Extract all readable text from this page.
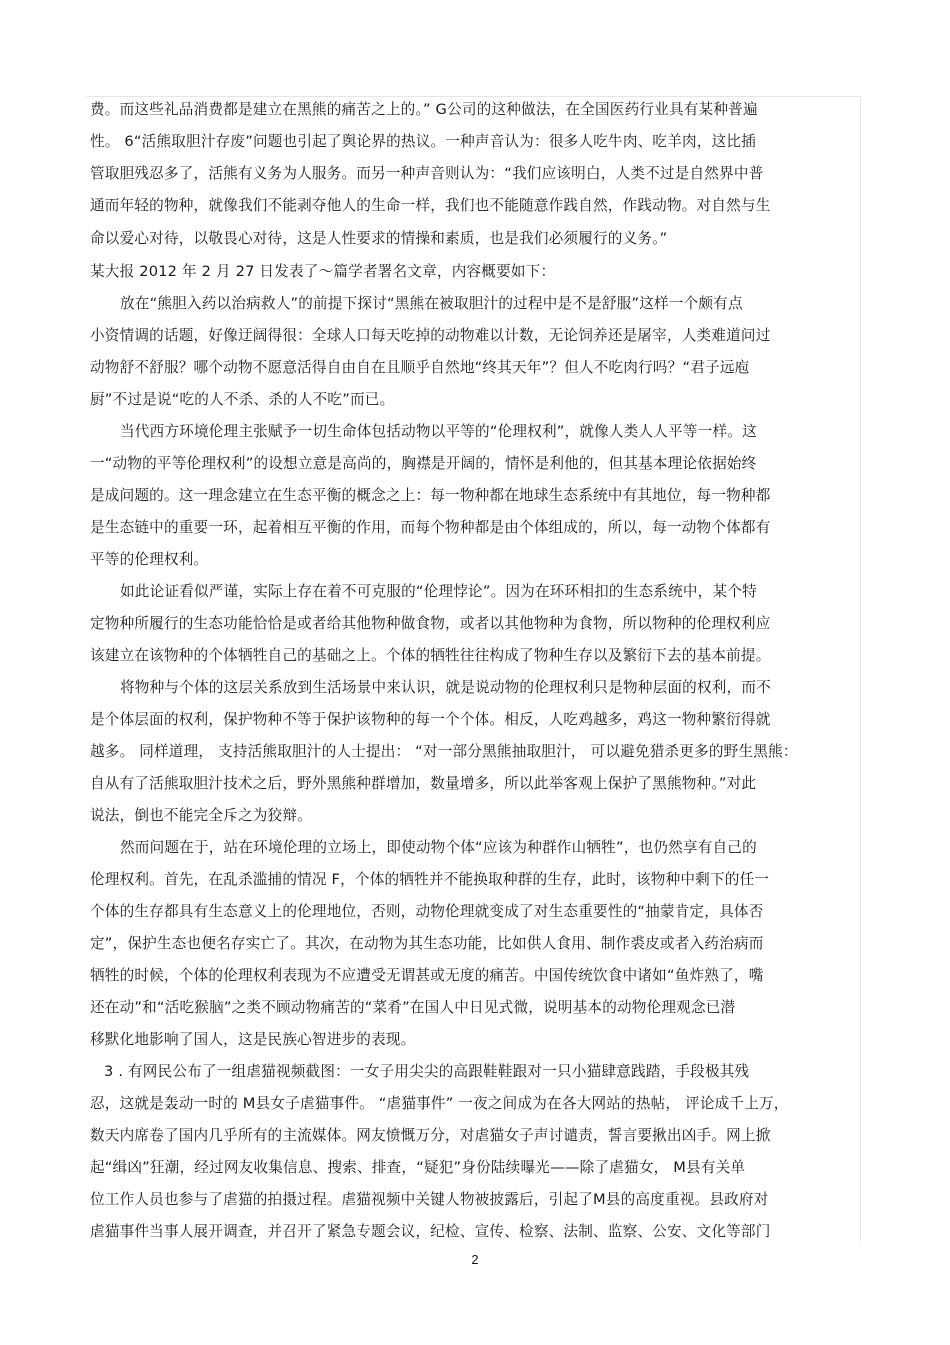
费。而这些礼品消费都是建立在黑熊的痛苦之上的。” G公司的这种做法，在全国医药行业具有某种普遍
性。 6“活熊取胆汁存废”问题也引起了舆论界的热议。一种声音认为：很多人吃牛肉、吃羊肉，这比插
管取胆残忍多了，活熊有义务为人服务。而另一种声音则认为：“我们应该明白，人类不过是自然界中普
通而年轻的物种，就像我们不能剥夺他人的生命一样，我们也不能随意作践自然，作践动物。对自然与生
命以爱心对待，以敬畏心对待，这是人性要求的情操和素质，也是我们必须履行的义务。”
某大报 2012 年 2 月 27 日发表了～篇学者署名文章，内容概要如下：
放在“熊胆入药以治病救人”的前提下探讨“黑熊在被取胆汁的过程中是不是舒服”这样一个颇有点
小资情调的话题，好像迂阔得很：全球人口每天吃掉的动物难以计数，无论饲养还是屠宰，人类难道问过
动物舒不舒服？哪个动物不愿意活得自由自在且顺乎自然地“终其天年”？但人不吃肉行吗？“君子远庖
厨”不过是说“吃的人不杀、杀的人不吃”而已。
当代西方环境伦理主张赋予一切生命体包括动物以平等的“伦理权利”，就像人类人人平等一样。这
一“动物的平等伦理权利”的设想立意是高尚的，胸襟是开阔的，情怀是利他的，但其基本理论依据始终
是成问题的。这一理念建立在生态平衡的概念之上：每一物种都在地球生态系统中有其地位，每一物种都
是生态链中的重要一环，起着相互平衡的作用，而每个物种都是由个体组成的，所以，每一动物个体都有
平等的伦理权利。
如此论证看似严谨，实际上存在着不可克服的“伦理悖论”。因为在环环相扣的生态系统中，某个特
定物种所履行的生态功能恰恰是或者给其他物种做食物，或者以其他物种为食物，所以物种的伦理权利应
该建立在该物种的个体牺牲自己的基础之上。个体的牺牲往往构成了物种生存以及繁衍下去的基本前提。
将物种与个体的这层关系放到生活场景中来认识，就是说动物的伦理权利只是物种层面的权利，而不
是个体层面的权利，保护物种不等于保护该物种的每一个个体。相反，人吃鸡越多，鸡这一物种繁衍得就
越多。 同样道理， 支持活熊取胆汁的人士提出： “对一部分黑熊抽取胆汁， 可以避免猎杀更多的野生黑熊：
自从有了活熊取胆汁技术之后，野外黑熊种群增加，数量增多，所以此举客观上保护了黑熊物种。”对此
说法，倒也不能完全斥之为狡辩。
然而问题在于，站在环境伦理的立场上，即使动物个体“应该为种群作山牺牲”，也仍然享有自己的
伦理权利。首先，在乱杀滥捕的情况 F，个体的牺牲并不能换取种群的生存，此时，该物种中剩下的任一
个体的生存都具有生态意义上的伦理地位，否则，动物伦理就变成了对生态重要性的“抽蒙肯定，具体否
定”，保护生态也便名存实亡了。其次，在动物为其生态功能，比如供人食用、制作裘皮或者入药治病而
牺牲的时候，个体的伦理权利表现为不应遭受无谓甚或无度的痛苦。中国传统饮食中诸如“鱼炸熟了，嘴
还在动”和“活吃猴脑”之类不顾动物痛苦的“菜肴”在国人中日见式微，说明基本的动物伦理观念已潜
移默化地影响了国人，这是民族心智进步的表现。
3 . 有网民公布了一组虐猫视频截图：一女子用尖尖的高跟鞋鞋跟对一只小猫肆意践踏，手段极其残
忍，这就是轰动一时的 M县女子虐猫事件。 “虐猫事件” 一夜之间成为在各大网站的热帖， 评论成千上万，
数天内席卷了国内几乎所有的主流媒体。网友愤慨万分，对虐猫女子声讨谴责，誓言要揪出凶手。网上掀
起“缉凶”狂潮，经过网友收集信息、搜索、排查，“疑犯”身份陆续曝光——除了虐猫女， M县有关单
位工作人员也参与了虐猫的拍摄过程。虐猫视频中关键人物被披露后，引起了M县的高度重视。县政府对
虐猫事件当事人展开调查，并召开了紧急专题会议，纪检、宣传、检察、法制、监察、公安、文化等部门
2
